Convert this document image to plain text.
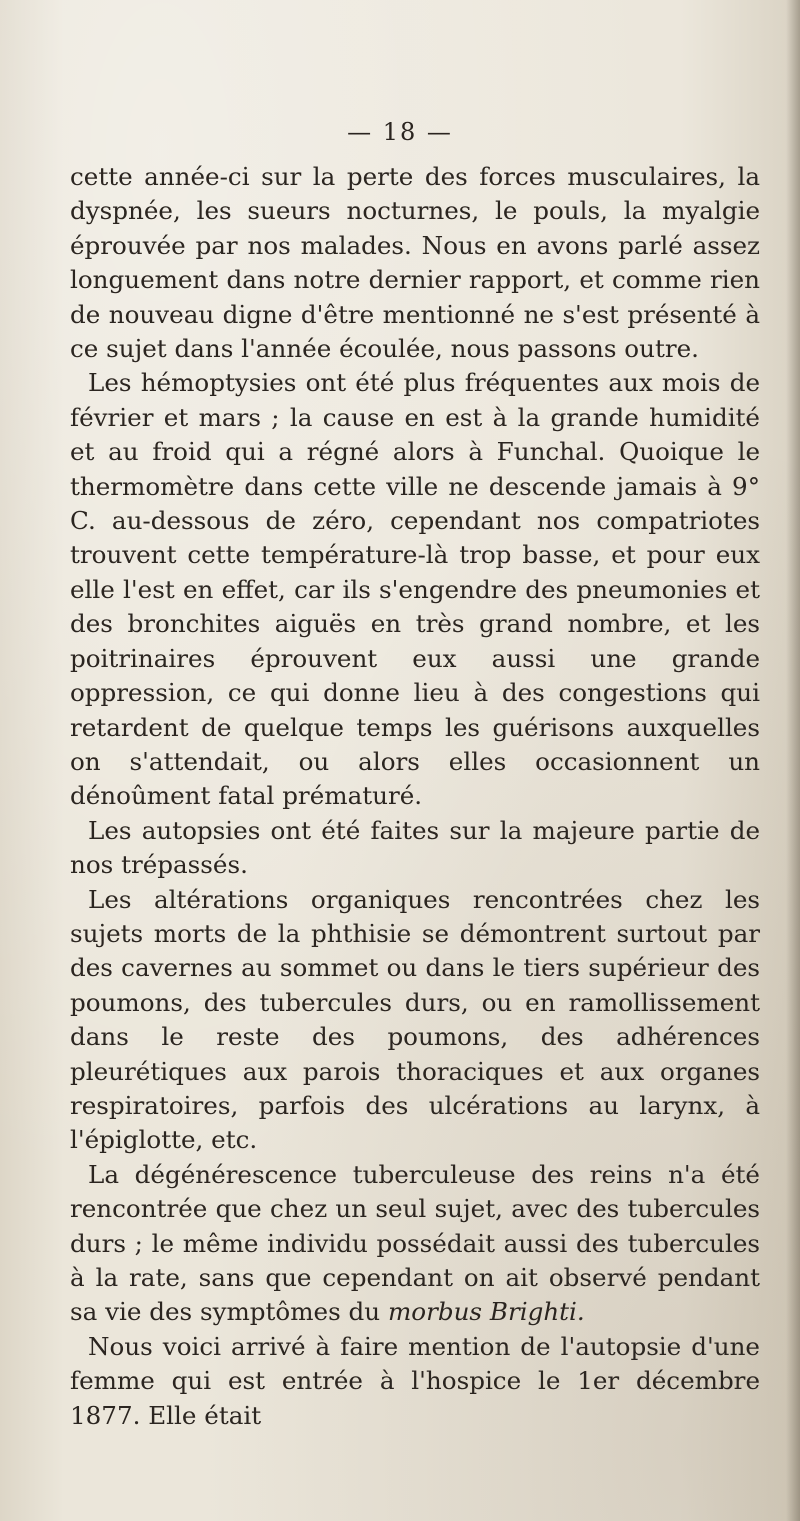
— 18 —

cette année-ci sur la perte des forces musculaires, la dyspnée, les sueurs nocturnes, le pouls, la myalgie éprouvée par nos malades. Nous en avons parlé assez longuement dans notre dernier rapport, et comme rien de nouveau digne d'être mentionné ne s'est présenté à ce sujet dans l'année écoulée, nous passons outre.

Les hémoptysies ont été plus fréquentes aux mois de février et mars ; la cause en est à la grande humidité et au froid qui a régné alors à Funchal. Quoique le thermomètre dans cette ville ne descende jamais à 9° C. au-dessous de zéro, cependant nos compatriotes trouvent cette température-là trop basse, et pour eux elle l'est en effet, car ils s'engendre des pneumonies et des bronchites aiguës en très grand nombre, et les poitrinaires éprouvent eux aussi une grande oppression, ce qui donne lieu à des congestions qui retardent de quelque temps les guérisons auxquelles on s'attendait, ou alors elles occasionnent un dénoûment fatal prématuré.

Les autopsies ont été faites sur la majeure partie de nos trépassés.

Les altérations organiques rencontrées chez les sujets morts de la phthisie se démontrent surtout par des cavernes au sommet ou dans le tiers supérieur des poumons, des tubercules durs, ou en ramollissement dans le reste des poumons, des adhérences pleurétiques aux parois thoraciques et aux organes respiratoires, parfois des ulcérations au larynx, à l'épiglotte, etc.

La dégénérescence tuberculeuse des reins n'a été rencontrée que chez un seul sujet, avec des tubercules durs ; le même individu possédait aussi des tubercules à la rate, sans que cependant on ait observé pendant sa vie des symptômes du morbus Brighti.

Nous voici arrivé à faire mention de l'autopsie d'une femme qui est entrée à l'hospice le 1er décembre 1877. Elle était
